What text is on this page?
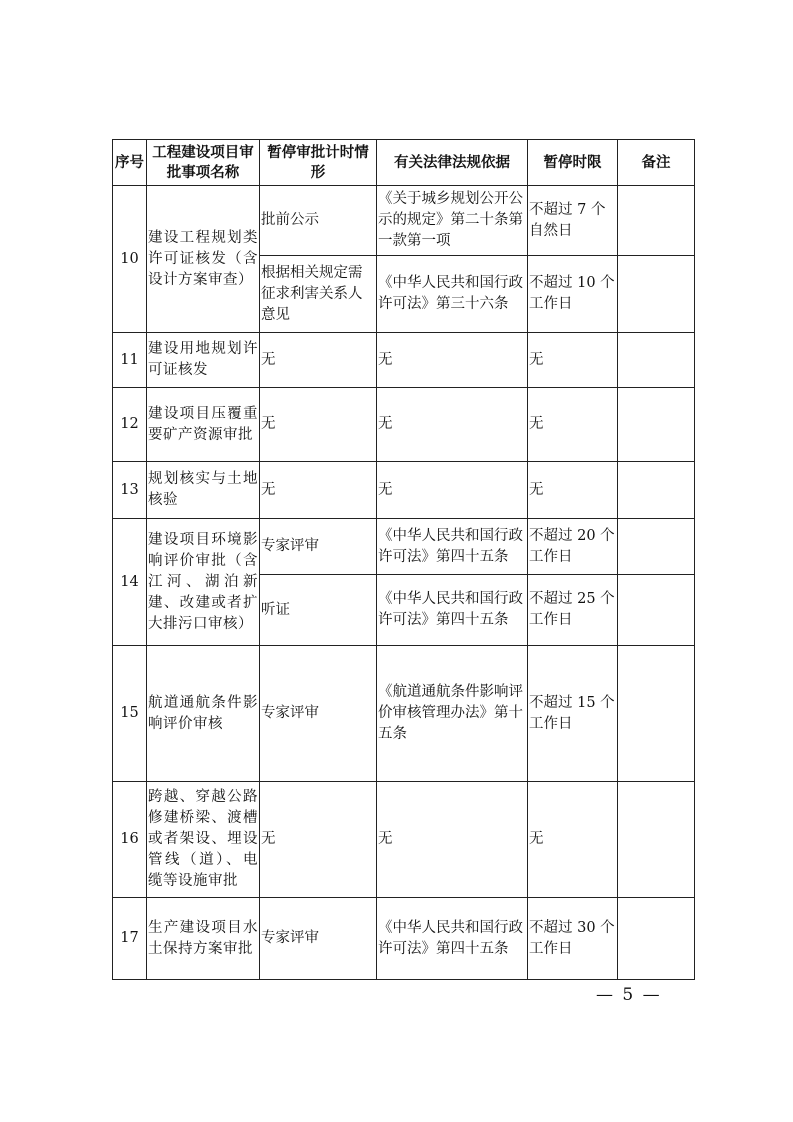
序号	工程建设项目审批事项名称	暂停审批计时情形	有关法律法规依据	暂停时限	备注
10	建设工程规划类许可证核发（含设计方案审查）	批前公示	《关于城乡规划公开公示的规定》第二十条第一款第一项	不超过 7 个自然日	
		根据相关规定需征求利害关系人意见	《中华人民共和国行政许可法》第三十六条	不超过 10 个工作日	
11	建设用地规划许可证核发	无	无	无	
12	建设项目压覆重要矿产资源审批	无	无	无	
13	规划核实与土地核验	无	无	无	
14	建设项目环境影响评价审批（含江河、湖泊新建、改建或者扩大排污口审核）	专家评审	《中华人民共和国行政许可法》第四十五条	不超过 20 个工作日	
		听证	《中华人民共和国行政许可法》第四十五条	不超过 25 个工作日	
15	航道通航条件影响评价审核	专家评审	《航道通航条件影响评价审核管理办法》第十五条	不超过 15 个工作日	
16	跨越、穿越公路修建桥梁、渡槽或者架设、埋设管线（道）、电缆等设施审批	无	无	无	
17	生产建设项目水土保持方案审批	专家评审	《中华人民共和国行政许可法》第四十五条	不超过 30 个工作日	
— 5 —
